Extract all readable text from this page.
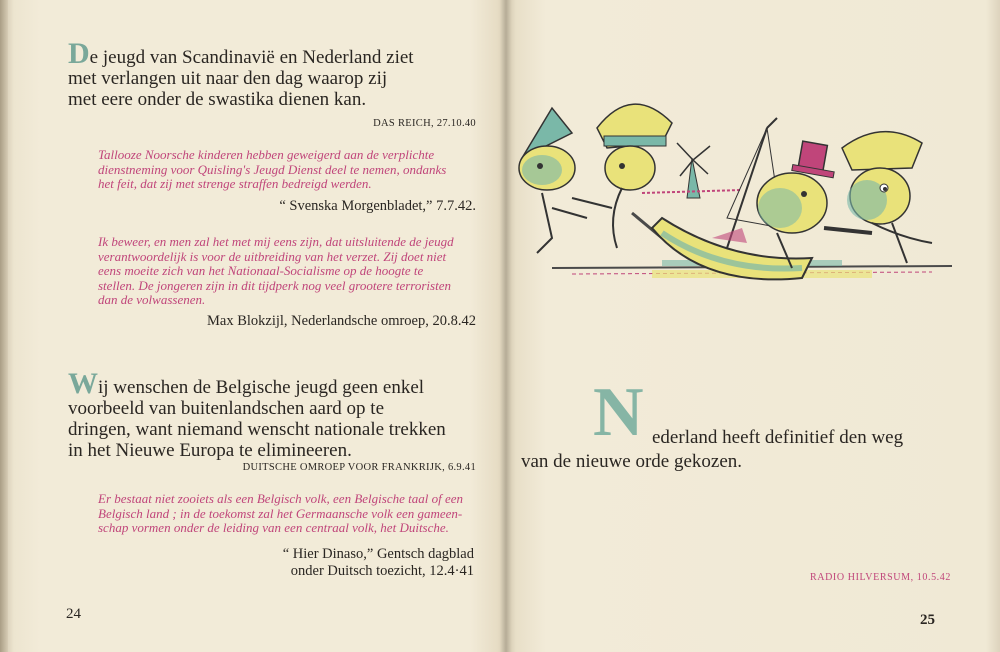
De jeugd van Scandinavië en Nederland ziet
met verlangen uit naar den dag waarop zij
met eere onder de swastika dienen kan.
DAS REICH, 27.10.40
Tallooze Noorsche kinderen hebben geweigerd aan de verplichte
dienstneming voor Quisling's Jeugd Dienst deel te nemen, ondanks
het feit, dat zij met strenge straffen bedreigd werden.
“ Svenska Morgenbladet,” 7.7.42.
Ik beweer, en men zal het met mij eens zijn, dat uitsluitende de jeugd
verantwoordelijk is voor de uitbreiding van het verzet. Zij doet niet
eens moeite zich van het Nationaal-Socialisme op de hoogte te
stellen. De jongeren zijn in dit tijdperk nog veel grootere terroristen
dan de volwassenen.
Max Blokzijl, Nederlandsche omroep, 20.8.42
Wij wenschen de Belgische jeugd geen enkel
voorbeeld van buitenlandschen aard op te
dringen, want niemand wenscht nationale trekken
in het Nieuwe Europa te elimineeren.
DUITSCHE OMROEP VOOR FRANKRIJK, 6.9.41
Er bestaat niet zooiets als een Belgisch volk, een Belgische taal of een
Belgisch land ; in de toekomst zal het Germaansche volk een gameen-
schap vormen onder de leiding van een centraal volk, het Duitsche.
“ Hier Dinaso,” Gentsch dagblad
onder Duitsch toezicht, 12.4·41
24
N ederland heeft definitief den weg
van de nieuwe orde gekozen.
RADIO HILVERSUM, 10.5.42
25
